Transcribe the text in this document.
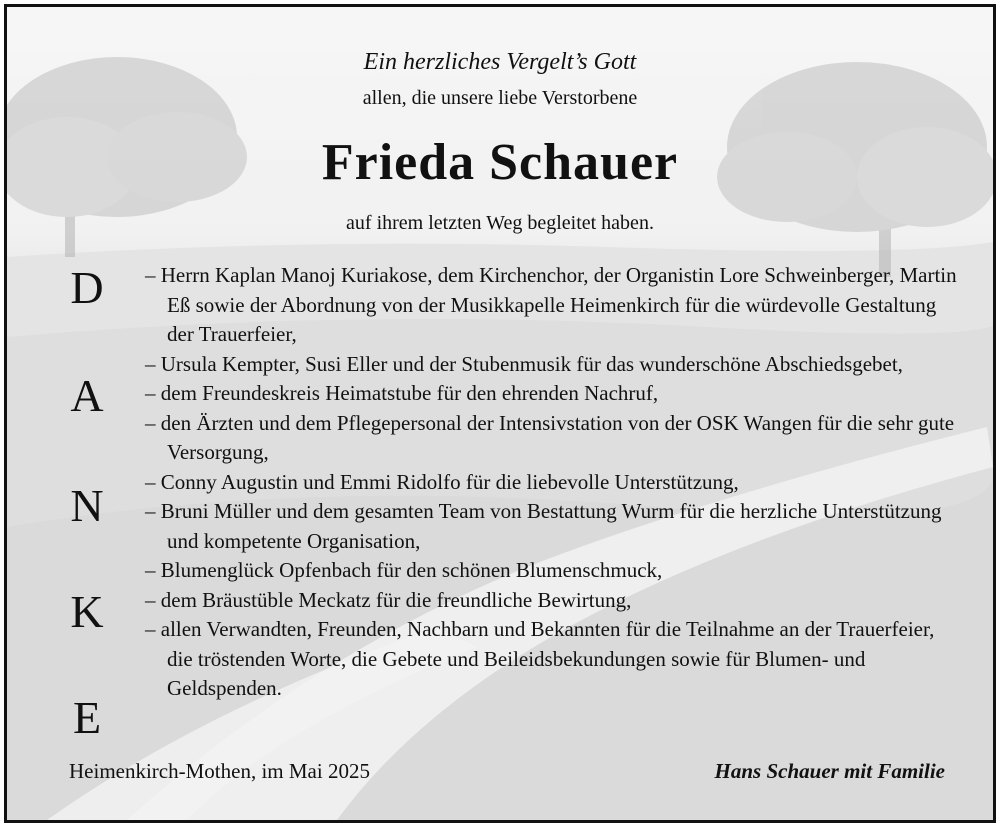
Ein herzliches Vergelt’s Gott
allen, die unsere liebe Verstorbene
Frieda Schauer
auf ihrem letzten Weg begleitet haben.
D
A
N
K
E
– Herrn Kaplan Manoj Kuriakose, dem Kirchenchor, der Organistin Lore Schweinberger, Martin Eß sowie der Abordnung von der Musikkapelle Heimenkirch für die würdevolle Gestaltung der Trauerfeier,
– Ursula Kempter, Susi Eller und der Stubenmusik für das wunderschöne Abschiedsgebet,
– dem Freundeskreis Heimatstube für den ehrenden Nachruf,
– den Ärzten und dem Pflegepersonal der Intensivstation von der OSK Wangen für die sehr gute Versorgung,
– Conny Augustin und Emmi Ridolfo für die liebevolle Unterstützung,
– Bruni Müller und dem gesamten Team von Bestattung Wurm für die herzliche Unterstützung und kompetente Organisation,
– Blumenglück Opfenbach für den schönen Blumenschmuck,
– dem Bräustüble Meckatz für die freundliche Bewirtung,
– allen Verwandten, Freunden, Nachbarn und Bekannten für die Teilnahme an der Trauerfeier, die tröstenden Worte, die Gebete und Beileidsbekundungen sowie für Blumen- und Geldspenden.
Heimenkirch-Mothen, im Mai 2025	Hans Schauer mit Familie
